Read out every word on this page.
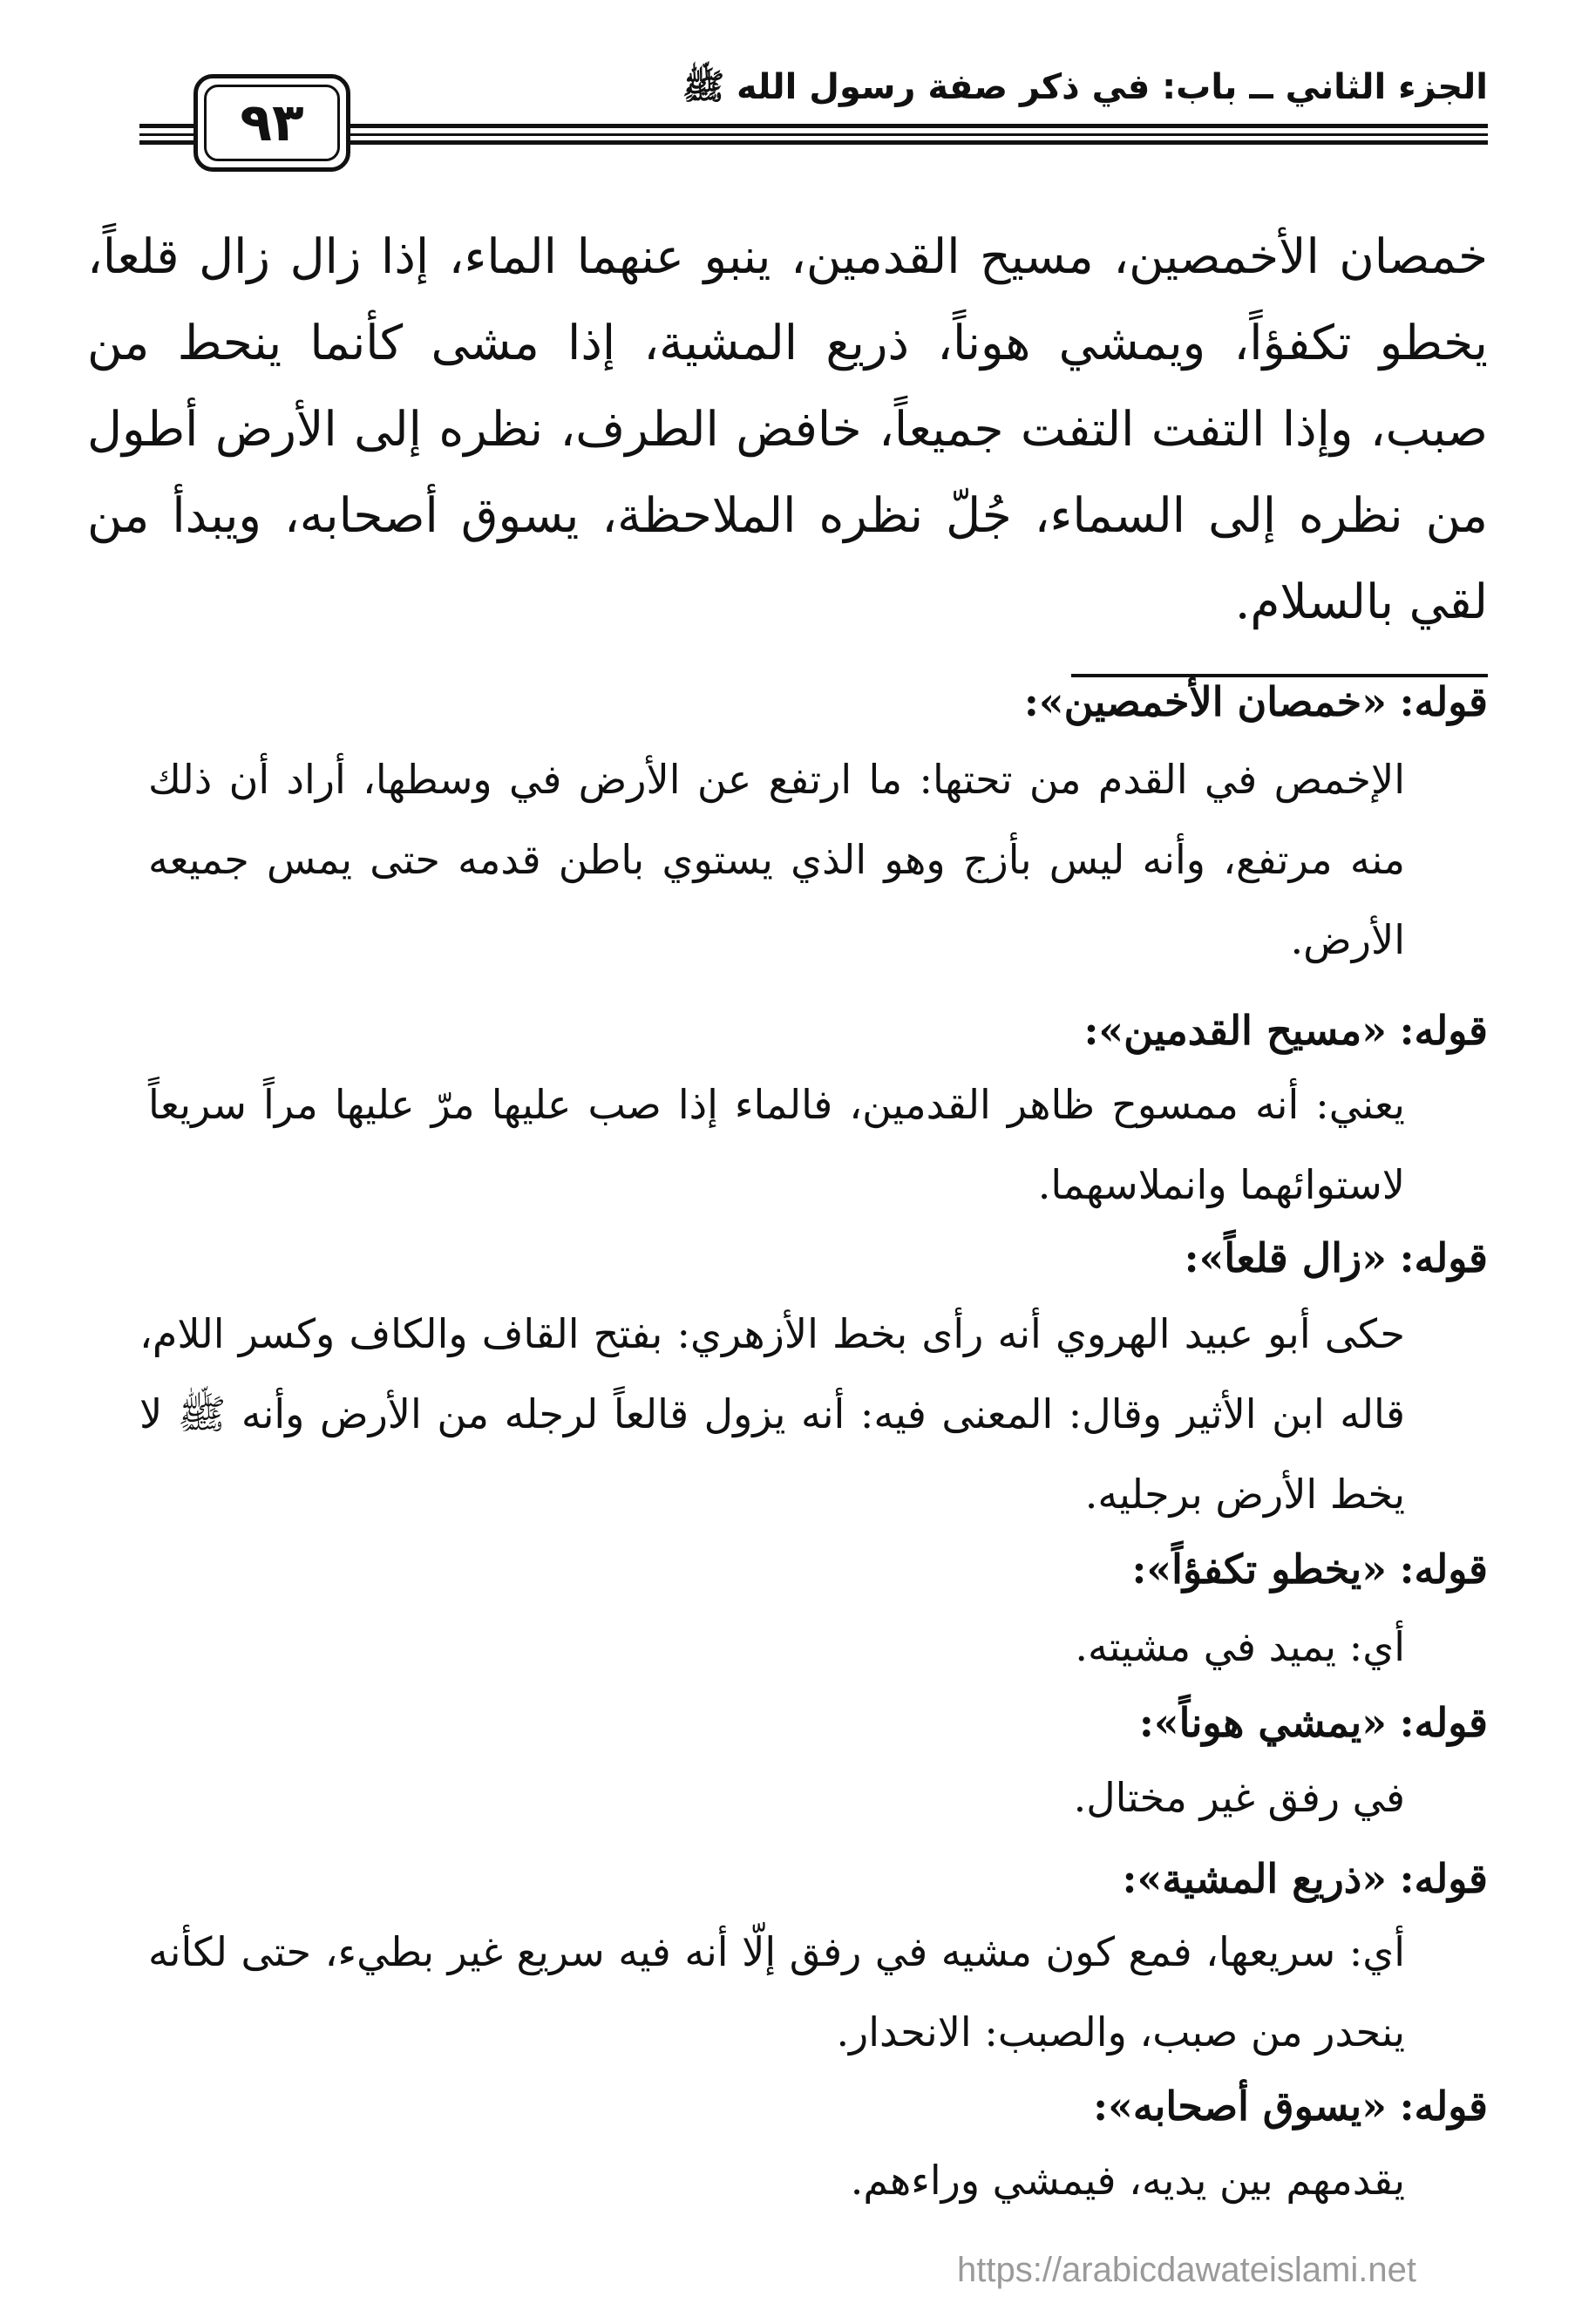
الجزء الثاني ــ باب: في ذكر صفة رسول الله ﷺ
٩٣

خمصان الأخمصين، مسيح القدمين، ينبو عنهما الماء، إذا زال زال قلعاً، يخطو تكفؤاً، ويمشي هوناً، ذريع المشية، إذا مشى كأنما ينحط من صبب، وإذا التفت التفت جميعاً، خافض الطرف، نظره إلى الأرض أطول من نظره إلى السماء، جُلّ نظره الملاحظة، يسوق أصحابه، ويبدأ من لقي بالسلام.

قوله: «خمصان الأخمصين»:

الإخمص في القدم من تحتها: ما ارتفع عن الأرض في وسطها، أراد أن ذلك منه مرتفع، وأنه ليس بأزج وهو الذي يستوي باطن قدمه حتى يمس جميعه الأرض.

قوله: «مسيح القدمين»:

يعني: أنه ممسوح ظاهر القدمين، فالماء إذا صب عليها مرّ عليها مراً سريعاً لاستوائهما وانملاسهما.

قوله: «زال قلعاً»:

حكى أبو عبيد الهروي أنه رأى بخط الأزهري: بفتح القاف والكاف وكسر اللام، قاله ابن الأثير وقال: المعنى فيه: أنه يزول قالعاً لرجله من الأرض وأنه ﷺ لا يخط الأرض برجليه.

قوله: «يخطو تكفؤاً»:

أي: يميد في مشيته.

قوله: «يمشي هوناً»:

في رفق غير مختال.

قوله: «ذريع المشية»:

أي: سريعها، فمع كون مشيه في رفق إلّا أنه فيه سريع غير بطيء، حتى لكأنه ينحدر من صبب، والصبب: الانحدار.

قوله: «يسوق أصحابه»:

يقدمهم بين يديه، فيمشي وراءهم.

https://arabicdawateislami.net
